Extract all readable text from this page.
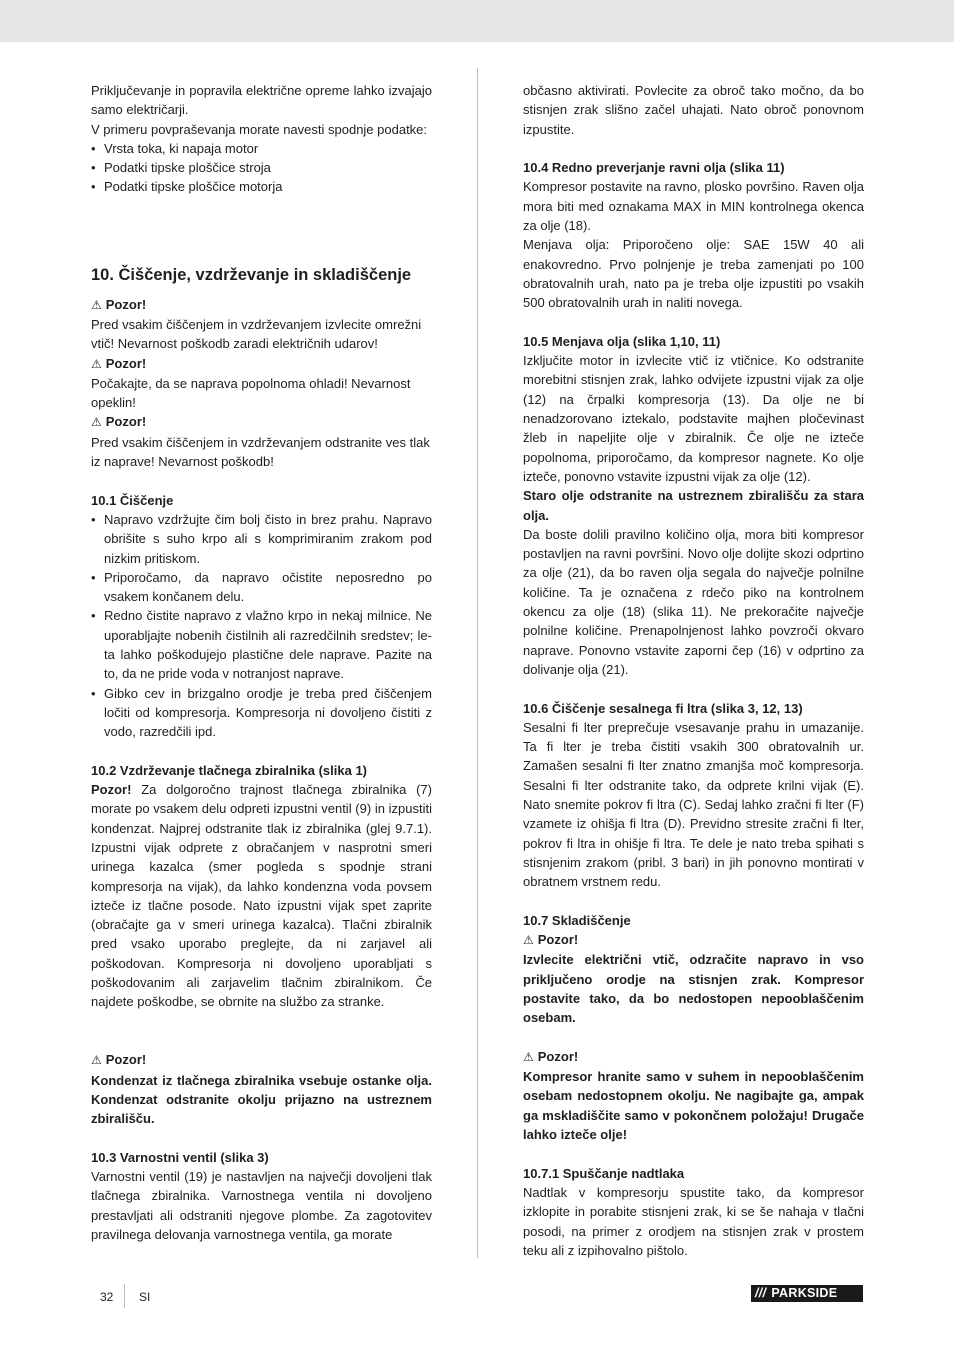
Priključevanje in popravila električne opreme lahko izvajajo samo električarji.

V primeru povpraševanja morate navesti spodnje podatke:

• Vrsta toka, ki napaja motor
• Podatki tipske ploščice stroja
• Podatki tipske ploščice motorja
10. Čiščenje, vzdrževanje in skladiščenje

⚠ Pozor!

Pred vsakim čiščenjem in vzdrževanjem izvlecite omrežni vtič! Nevarnost poškodb zaradi električnih udarov!

⚠ Pozor!

Počakajte, da se naprava popolnoma ohladi! Nevarnost opeklin!

⚠ Pozor!

Pred vsakim čiščenjem in vzdrževanjem odstranite ves tlak iz naprave! Nevarnost poškodb!

10.1 Čiščenje

• Napravo vzdržujte čim bolj čisto in brez prahu. Napravo obrišite s suho krpo ali s komprimiranim zrakom pod nizkim pritiskom.
• Priporočamo, da napravo očistite neposredno po vsakem končanem delu.
• Redno čistite napravo z vlažno krpo in nekaj milnice. Ne uporabljajte nobenih čistilnih ali razredčilnih sredstev; le-ta lahko poškodujejo plastične dele naprave. Pazite na to, da ne pride voda v notranjost naprave.
• Gibko cev in brizgalno orodje je treba pred čiščenjem ločiti od kompresorja. Kompresorja ni dovoljeno čistiti z vodo, razredčili ipd.

10.2 Vzdrževanje tlačnega zbiralnika (slika 1)

Pozor! Za dolgoročno trajnost tlačnega zbiralnika (7) morate po vsakem delu odpreti izpustni ventil (9) in izpustiti kondenzat. Najprej odstranite tlak iz zbiralnika (glej 9.7.1). Izpustni vijak odprete z obračanjem v nasprotni smeri urinega kazalca (smer pogleda s spodnje strani kompresorja na vijak), da lahko kondenzna voda povsem izteče iz tlačne posode. Nato izpustni vijak spet zaprite (obračajte ga v smeri urinega kazalca). Tlačni zbiralnik pred vsako uporabo preglejte, da ni zarjavel ali poškodovan. Kompresorja ni dovoljeno uporabljati s poškodovanim ali zarjavelim tlačnim zbiralnikom. Če najdete poškodbe, se obrnite na službo za stranke.

⚠ Pozor!

Kondenzat iz tlačnega zbiralnika vsebuje ostanke olja. Kondenzat odstranite okolju prijazno na ustreznem zbirališču.

10.3 Varnostni ventil (slika 3)

Varnostni ventil (19) je nastavljen na največji dovoljeni tlak tlačnega zbiralnika. Varnostnega ventila ni dovoljeno prestavljati ali odstraniti njegove plombe. Za zagotovitev pravilnega delovanja varnostnega ventila, ga morate

občasno aktivirati. Povlecite za obroč tako močno, da bo stisnjen zrak slišno začel uhajati. Nato obroč ponovnom izpustite.

10.4 Redno preverjanje ravni olja (slika 11)

Kompresor postavite na ravno, plosko površino. Raven olja mora biti med oznakama MAX in MIN kontrolnega okenca za olje (18).

Menjava olja: Priporočeno olje: SAE 15W 40 ali enakovredno. Prvo polnjenje je treba zamenjati po 100 obratovalnih urah, nato pa je treba olje izpustiti po vsakih 500 obratovalnih urah in naliti novega.

10.5 Menjava olja (slika 1,10, 11)

Izključite motor in izvlecite vtič iz vtičnice. Ko odstranite morebitni stisnjen zrak, lahko odvijete izpustni vijak za olje (12) na črpalki kompresorja (13). Da olje ne bi nenadzorovano iztekalo, podstavite majhen pločevinast žleb in napeljite olje v zbiralnik. Če olje ne izteče popolnoma, priporočamo, da kompresor nagnete. Ko olje izteče, ponovno vstavite izpustni vijak za olje (12).

Staro olje odstranite na ustreznem zbirališču za stara olja.

Da boste dolili pravilno količino olja, mora biti kompresor postavljen na ravni površini. Novo olje dolijte skozi odprtino za olje (21), da bo raven olja segala do največje polnilne količine. Ta je označena z rdečo piko na kontrolnem okencu za olje (18) (slika 11). Ne prekoračite največje polnilne količine. Prenapolnjenost lahko povzroči okvaro naprave. Ponovno vstavite zaporni čep (16) v odprtino za dolivanje olja (21).

10.6 Čiščenje sesalnega fi ltra (slika 3, 12, 13)

Sesalni fi lter preprečuje vsesavanje prahu in umazanije. Ta fi lter je treba čistiti vsakih 300 obratovalnih ur. Zamašen sesalni fi lter znatno zmanjša moč kompresorja. Sesalni fi lter odstranite tako, da odprete krilni vijak (E). Nato snemite pokrov fi ltra (C). Sedaj lahko zračni fi lter (F) vzamete iz ohišja fi ltra (D). Previdno stresite zračni fi lter, pokrov fi ltra in ohišje fi ltra. Te dele je nato treba spihati s stisnjenim zrakom (pribl. 3 bari) in jih ponovno montirati v obratnem vrstnem redu.

10.7 Skladiščenje

⚠ Pozor!

Izvlecite električni vtič, odzračite napravo in vso priključeno orodje na stisnjen zrak. Kompresor postavite tako, da bo nedostopen nepooblaščenim osebam.

⚠ Pozor!

Kompresor hranite samo v suhem in nepooblaščenim osebam nedostopnem okolju. Ne nagibajte ga, ampak ga mskladiščite samo v pokončnem položaju! Drugače lahko izteče olje!

10.7.1 Spuščanje nadtlaka

Nadtlak v kompresorju spustite tako, da kompresor izklopite in porabite stisnjeni zrak, ki se še nahaja v tlačni posodi, na primer z orodjem na stisnjen zrak v prostem teku ali z izpihovalno pištolo.

32 SI	/// PARKSIDE
